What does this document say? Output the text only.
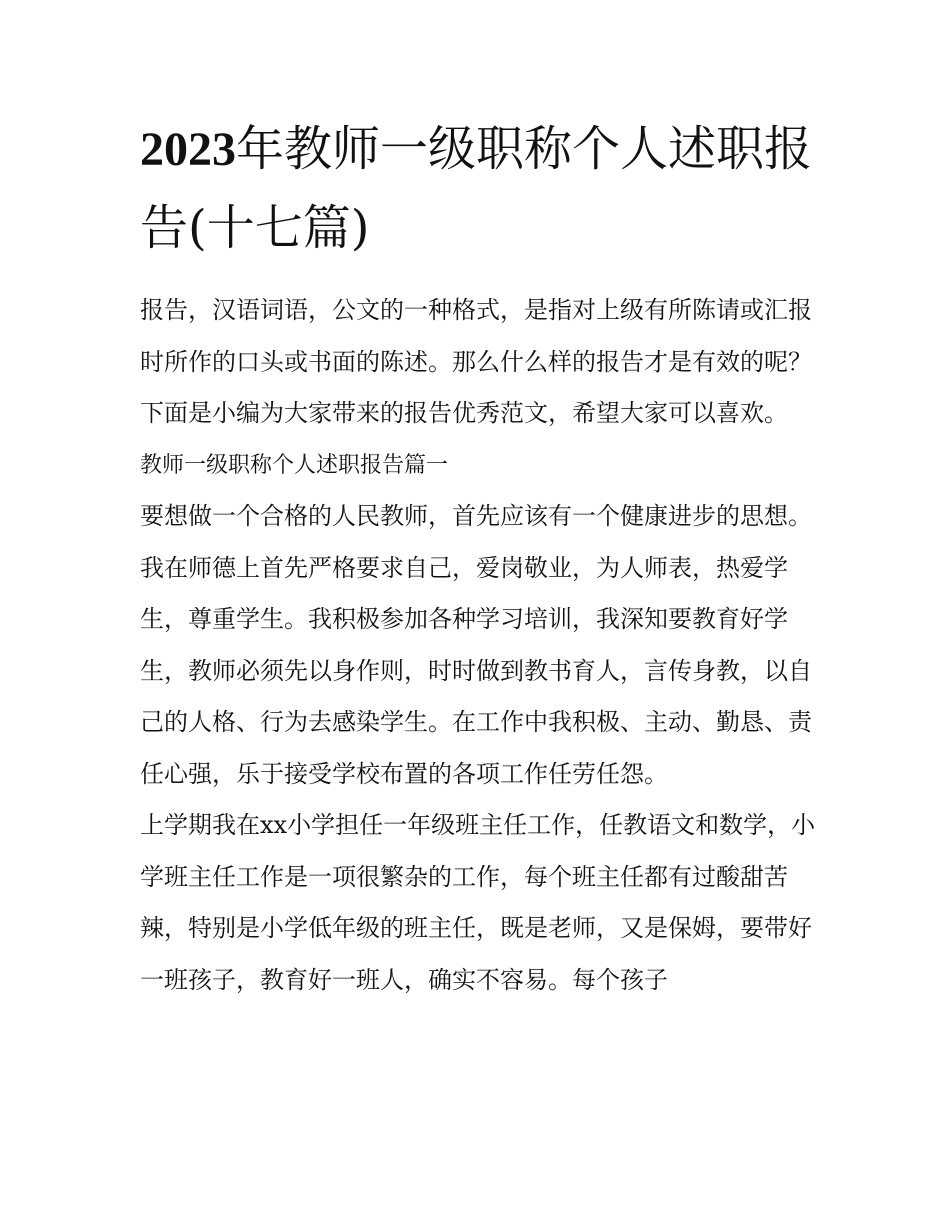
2023年教师一级职称个人述职报告(十七篇)

报告，汉语词语，公文的一种格式，是指对上级有所陈请或汇报时所作的口头或书面的陈述。那么什么样的报告才是有效的呢？下面是小编为大家带来的报告优秀范文，希望大家可以喜欢。

教师一级职称个人述职报告篇一

要想做一个合格的人民教师，首先应该有一个健康进步的思想。我在师德上首先严格要求自己，爱岗敬业，为人师表，热爱学生，尊重学生。我积极参加各种学习培训，我深知要教育好学生，教师必须先以身作则，时时做到教书育人，言传身教，以自己的人格、行为去感染学生。在工作中我积极、主动、勤恳、责任心强，乐于接受学校布置的各项工作任劳任怨。

上学期我在xx小学担任一年级班主任工作，任教语文和数学，小学班主任工作是一项很繁杂的工作，每个班主任都有过酸甜苦辣，特别是小学低年级的班主任，既是老师，又是保姆，要带好一班孩子，教育好一班人，确实不容易。每个孩子
